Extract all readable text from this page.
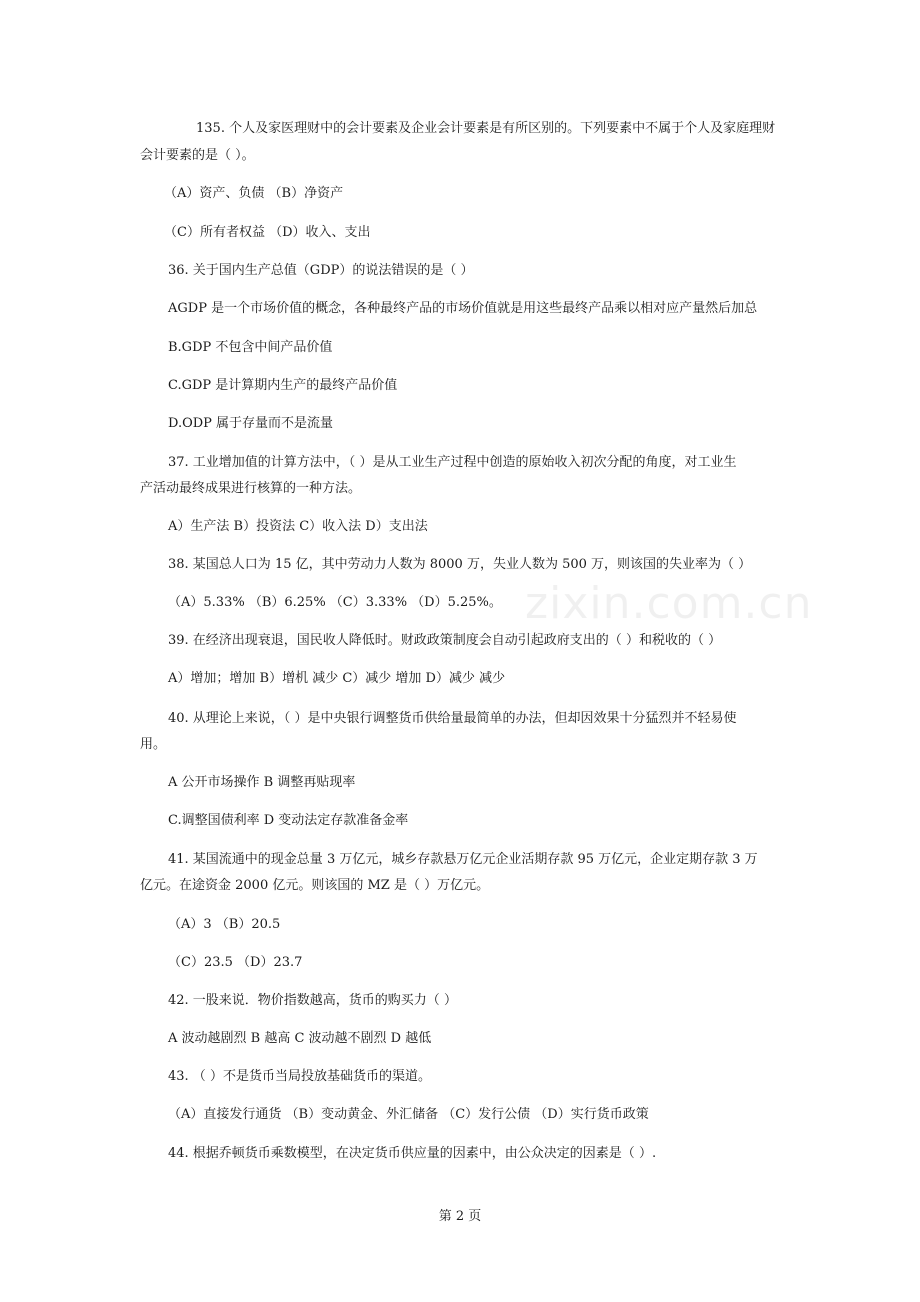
zixin.com.cn
135. 个人及家医理财中的会计要素及企业会计要素是有所区别的。下列要素中不属于个人及家庭理财
会计要素的是（ ）。
（A）资产、负债 （B）净资产
（C）所有者权益 （D）收入、支出
36. 关于国内生产总值（GDP）的说法错误的是（ ）
AGDP 是一个市场价值的概念，各种最终产品的市场价值就是用这些最终产品乘以相对应产量然后加总
B.GDP 不包含中间产品价值
C.GDP 是计算期内生产的最终产品价值
D.ODP 属于存量而不是流量
37. 工业增加值的计算方法中，（ ）是从工业生产过程中创造的原始收入初次分配的角度，对工业生
产活动最终成果进行核算的一种方法。
A）生产法 B）投资法 C）收入法 D）支出法
38. 某国总人口为 15 亿，其中劳动力人数为 8000 万，失业人数为 500 万，则该国的失业率为（ ）
（A）5.33% （B）6.25% （C）3.33% （D）5.25%。
39. 在经济出现衰退，国民收人降低时。财政政策制度会自动引起政府支出的（ ）和税收的（ ）
A）增加；增加 B）增机 减少 C）减少 增加 D）减少 减少
40. 从理论上来说，（ ）是中央银行调整货币供给量最简单的办法，但却因效果十分猛烈并不轻易使
用。
A 公开市场操作 B 调整再贴现率
C.调整国债利率 D 变动法定存款准备金率
41. 某国流通中的现金总量 3 万亿元，城乡存款悬万亿元企业活期存款 95 万亿元，企业定期存款 3 万
亿元。在途资金 2000 亿元。则该国的 MZ 是（ ）万亿元。
（A）3 （B）20.5
（C）23.5 （D）23.7
42. 一股来说．物价指数越高，货币的购买力（ ）
A 波动越剧烈 B 越高 C 波动越不剧烈 D 越低
43. （ ）不是货币当局投放基础货币的渠道。
（A）直接发行通货 （B）变动黄金、外汇储备 （C）发行公债 （D）实行货币政策
44. 根据乔顿货币乘数模型，在决定货币供应量的因素中，由公众决定的因素是（ ）.
第 2 页
